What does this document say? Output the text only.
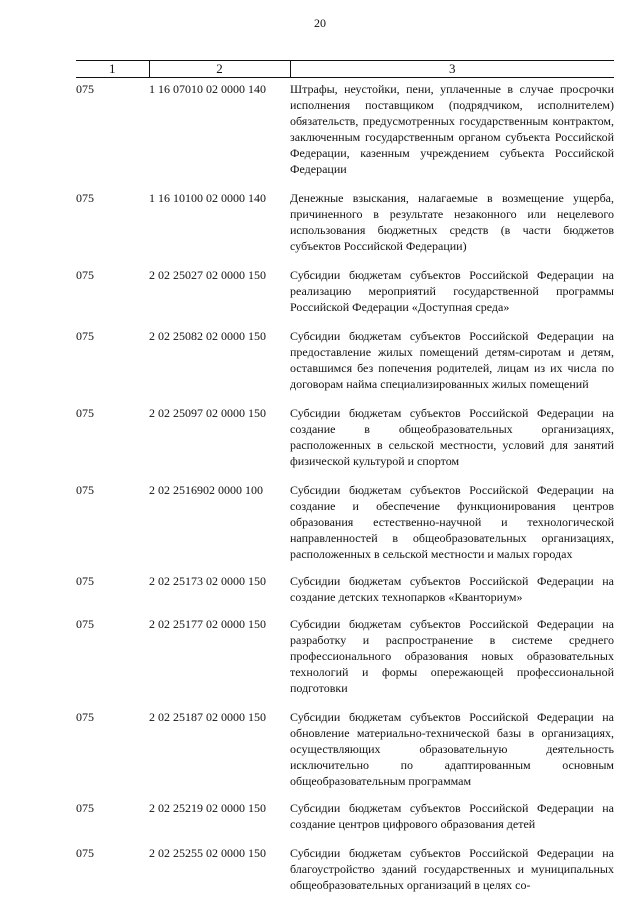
20
1	2	3
075	1 16 07010 02 0000 140	Штрафы, неустойки, пени, уплаченные в случае просрочки исполнения поставщиком (подрядчиком, исполнителем) обязательств, предусмотренных государственным контрактом, заключенным государственным органом субъекта Российской Федерации, казенным учреждением субъекта Российской Федерации
075	1 16 10100 02 0000 140	Денежные взыскания, налагаемые в возмещение ущерба, причиненного в результате незаконного или нецелевого использования бюджетных средств (в части бюджетов субъектов Российской Федерации)
075	2 02 25027 02 0000 150	Субсидии бюджетам субъектов Российской Федерации на реализацию мероприятий государственной программы Российской Федерации «Доступная среда»
075	2 02 25082 02 0000 150	Субсидии бюджетам субъектов Российской Федерации на предоставление жилых помещений детям-сиротам и детям, оставшимся без попечения родителей, лицам из их числа по договорам найма специализированных жилых помещений
075	2 02 25097 02 0000 150	Субсидии бюджетам субъектов Российской Федерации на создание в общеобразовательных организациях, расположенных в сельской местности, условий для занятий физической культурой и спортом
075	2 02 2516902 0000 100	Субсидии бюджетам субъектов Российской Федерации на создание и обеспечение функционирования центров образования естественно-научной и технологической направленностей в общеобразовательных организациях, расположенных в сельской местности и малых городах
075	2 02 25173 02 0000 150	Субсидии бюджетам субъектов Российской Федерации на создание детских технопарков «Кванториум»
075	2 02 25177 02 0000 150	Субсидии бюджетам субъектов Российской Федерации на разработку и распространение в системе среднего профессионального образования новых образовательных технологий и формы опережающей профессиональной подготовки
075	2 02 25187 02 0000 150	Субсидии бюджетам субъектов Российской Федерации на обновление материально-технической базы в организациях, осуществляющих образовательную деятельность исключительно по адаптированным основным общеобразовательным программам
075	2 02 25219 02 0000 150	Субсидии бюджетам субъектов Российской Федерации на создание центров цифрового образования детей
075	2 02 25255 02 0000 150	Субсидии бюджетам субъектов Российской Федерации на благоустройство зданий государственных и муниципальных общеобразовательных организаций в целях со-
